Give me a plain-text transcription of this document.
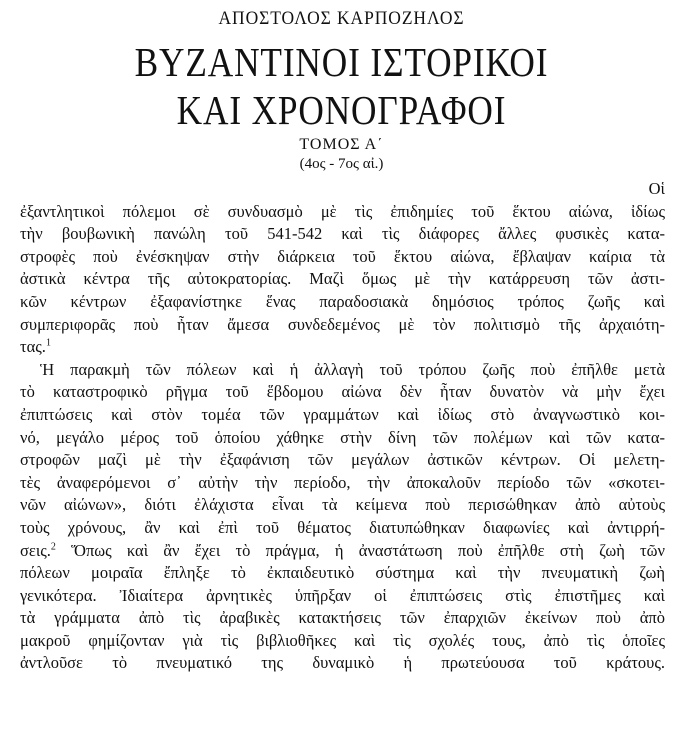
ΑΠΟΣΤΟΛΟΣ ΚΑΡΠΟΖΗΛΟΣ
ΒΥΖΑΝΤΙΝΟΙ ΙΣΤΟΡΙΚΟΙ
ΚΑΙ ΧΡΟΝΟΓΡΑΦΟΙ
ΤΟΜΟΣ Α΄
(4ος - 7ος αἰ.)
Οἱ
ἐξαντλητικοὶ πόλεμοι σὲ συνδυασμὸ μὲ τὶς ἐπιδημίες τοῦ ἕκτου αἰώνα, ἰδίως
τὴν βουβωνικὴ πανώλη τοῦ 541-542 καὶ τὶς διάφορες ἄλλες φυσικὲς κατα-
στροφὲς ποὺ ἐνέσκηψαν στὴν διάρκεια τοῦ ἕκτου αἰώνα, ἔβλαψαν καίρια τὰ
ἀστικὰ κέντρα τῆς αὐτοκρατορίας. Μαζὶ ὅμως μὲ τὴν κατάρρευση τῶν ἀστι-
κῶν κέντρων ἐξαφανίστηκε ἕνας παραδοσιακὰ δημόσιος τρόπος ζωῆς καὶ
συμπεριφορᾶς ποὺ ἦταν ἄμεσα συνδεδεμένος μὲ τὸν πολιτισμὸ τῆς ἀρχαιότη-
τας.$^1$
Ἡ παρακμὴ τῶν πόλεων καὶ ἡ ἀλλαγὴ τοῦ τρόπου ζωῆς ποὺ ἐπῆλθε μετὰ
τὸ καταστροφικὸ ρῆγμα τοῦ ἕβδομου αἰώνα δὲν ἦταν δυνατὸν νὰ μὴν ἔχει
ἐπιπτώσεις καὶ στὸν τομέα τῶν γραμμάτων καὶ ἰδίως στὸ ἀναγνωστικὸ κοι-
νό, μεγάλο μέρος τοῦ ὁποίου χάθηκε στὴν δίνη τῶν πολέμων καὶ τῶν κατα-
στροφῶν μαζὶ μὲ τὴν ἐξαφάνιση τῶν μεγάλων ἀστικῶν κέντρων. Οἱ μελετη-
τὲς ἀναφερόμενοι σ᾿ αὐτὴν τὴν περίοδο, τὴν ἀποκαλοῦν περίοδο τῶν «σκοτει-
νῶν αἰώνων», διότι ἐλάχιστα εἶναι τὰ κείμενα ποὺ περισώθηκαν ἀπὸ αὐτοὺς
τοὺς χρόνους, ἂν καὶ ἐπὶ τοῦ θέματος διατυπώθηκαν διαφωνίες καὶ ἀντιρρή-
σεις.$^2$ Ὅπως καὶ ἂν ἔχει τὸ πράγμα, ἡ ἀναστάτωση ποὺ ἐπῆλθε στὴ ζωὴ τῶν
πόλεων μοιραῖα ἔπληξε τὸ ἐκπαιδευτικὸ σύστημα καὶ τὴν πνευματικὴ ζωὴ
γενικότερα. Ἰδιαίτερα ἀρνητικὲς ὑπῆρξαν οἱ ἐπιπτώσεις στὶς ἐπιστῆμες καὶ
τὰ γράμματα ἀπὸ τὶς ἀραβικὲς κατακτήσεις τῶν ἐπαρχιῶν ἐκείνων ποὺ ἀπὸ
μακροῦ φημίζονταν γιὰ τὶς βιβλιοθῆκες καὶ τὶς σχολές τους, ἀπὸ τὶς ὁποῖες
ἀντλοῦσε τὸ πνευματικό της δυναμικὸ ἡ πρωτεύουσα τοῦ κράτους.
